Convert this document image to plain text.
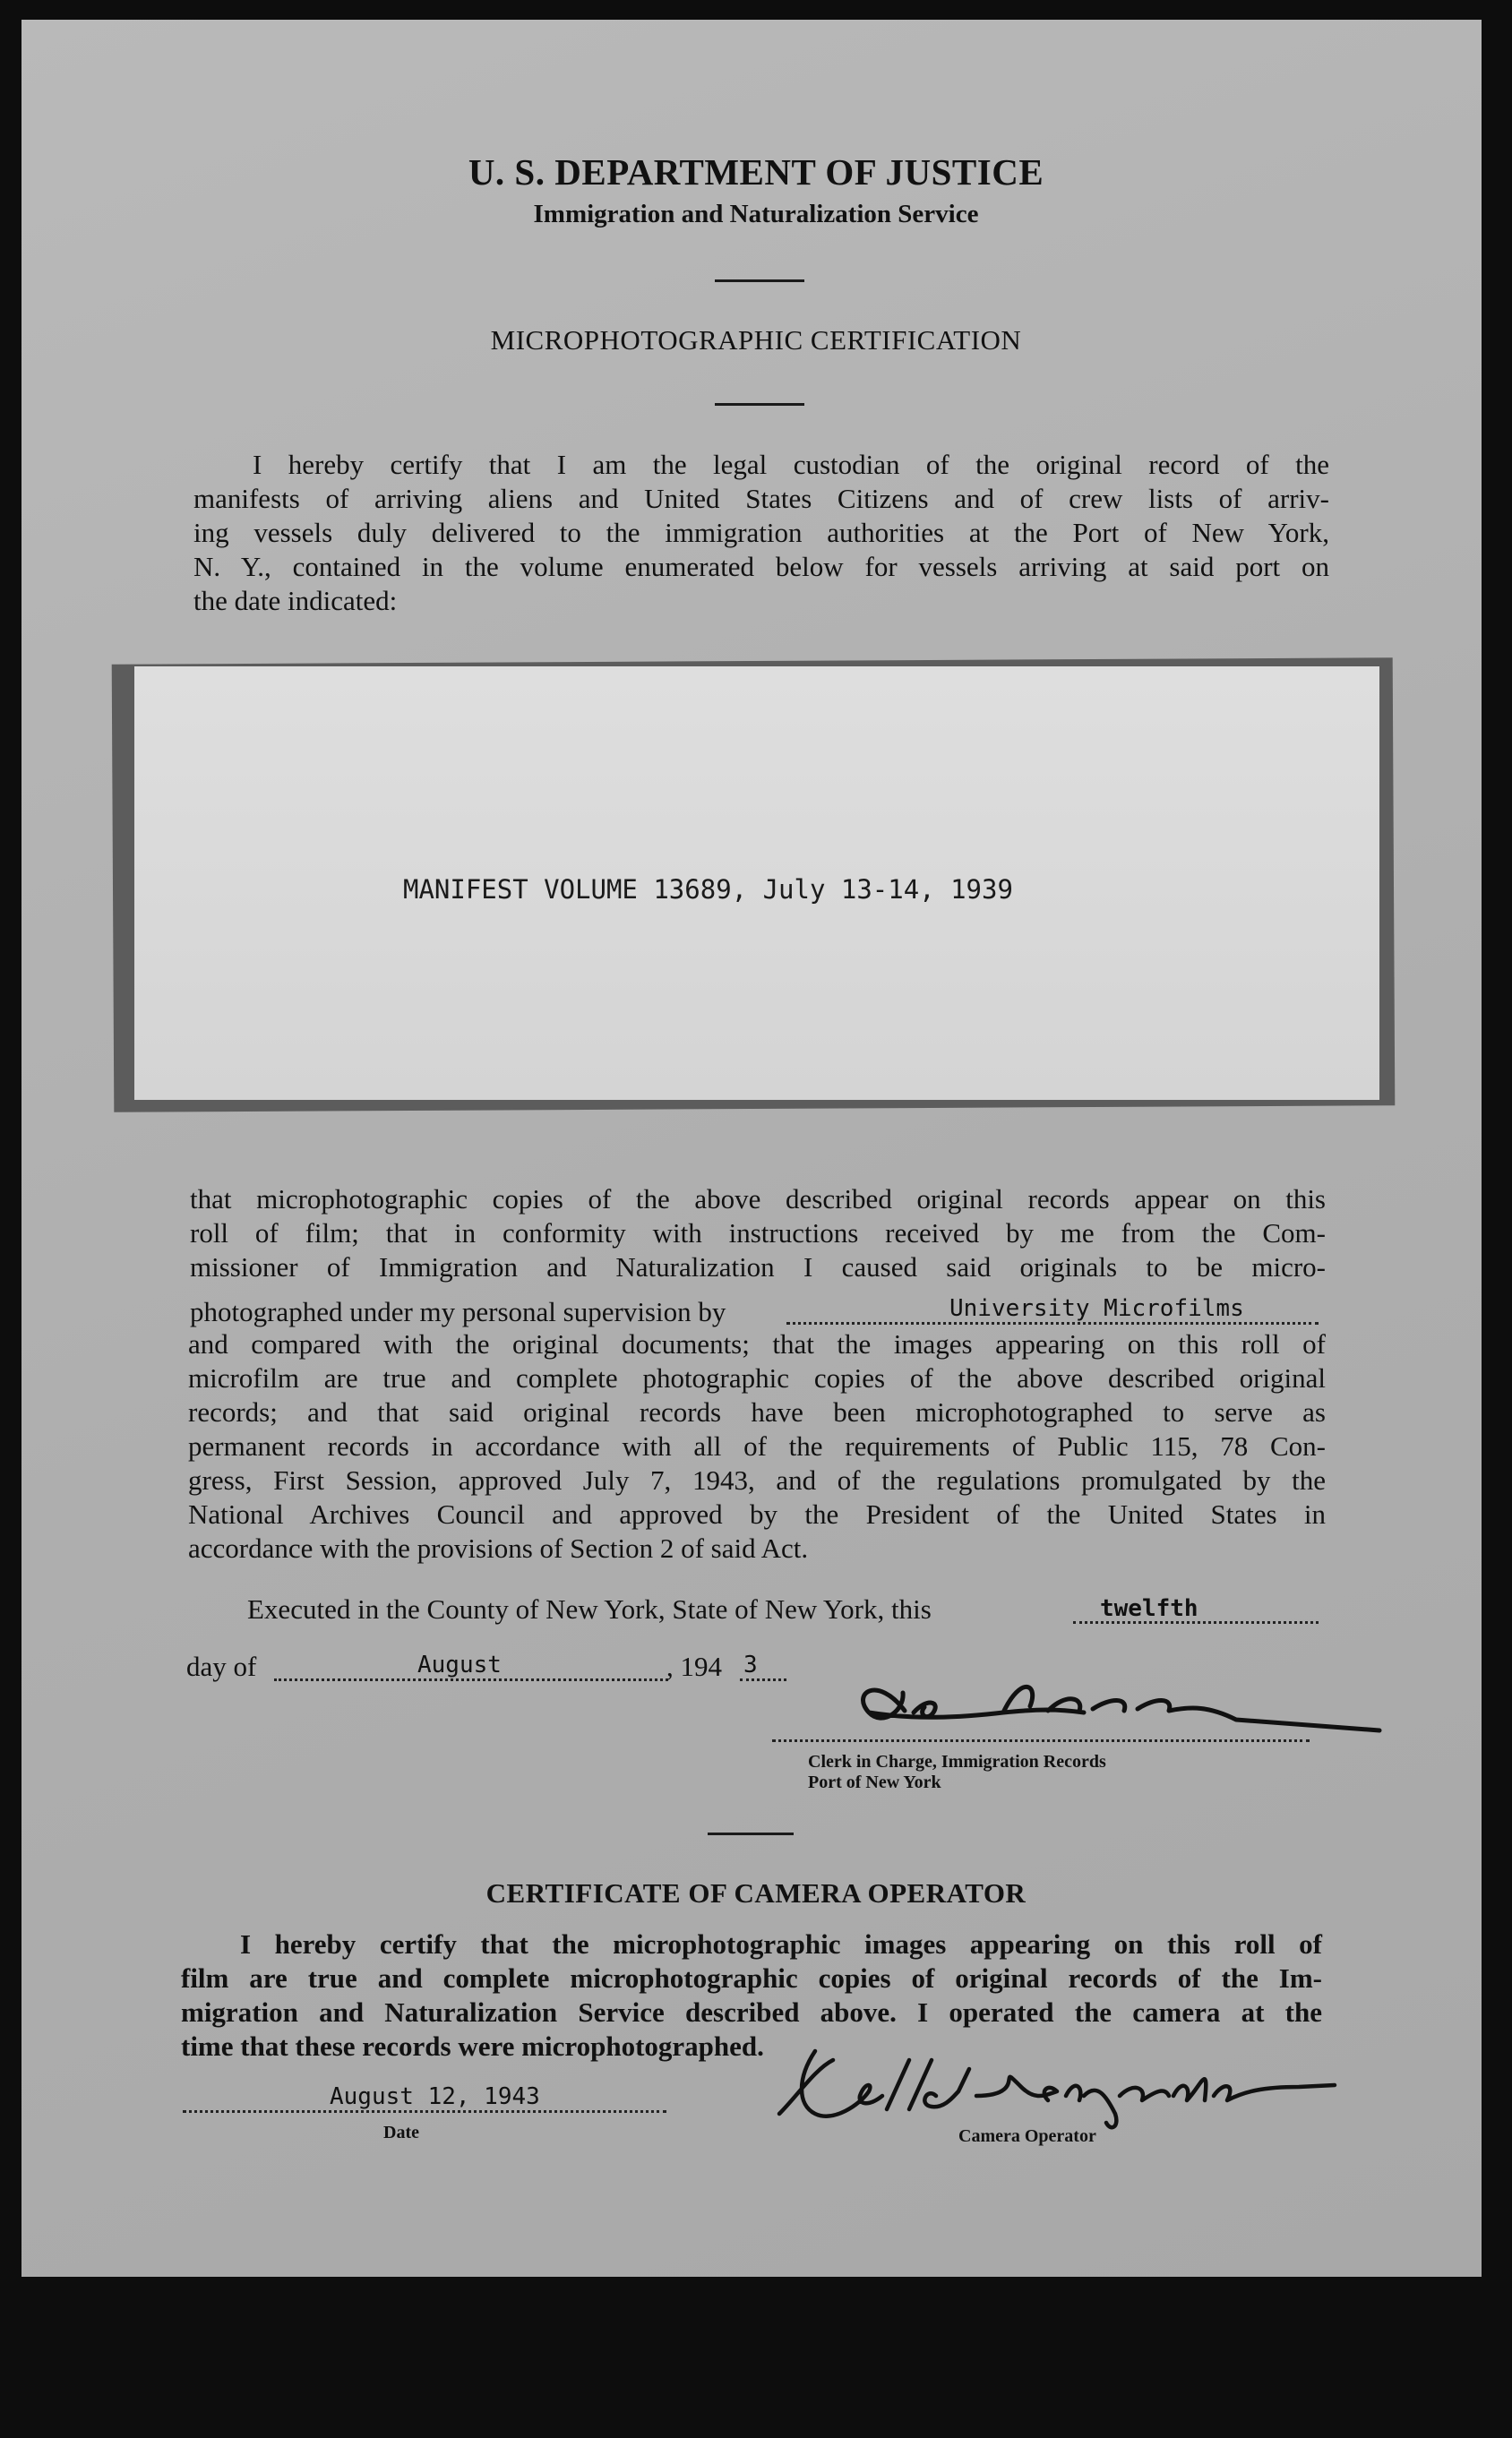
U. S. DEPARTMENT OF JUSTICE
Immigration and Naturalization Service
MICROPHOTOGRAPHIC CERTIFICATION
I hereby certify that I am the legal custodian of the original record of the
manifests of arriving aliens and United States Citizens and of crew lists of arriv-
ing vessels duly delivered to the immigration authorities at the Port of New York,
N. Y., contained in the volume enumerated below for vessels arriving at said port on
the date indicated:
MANIFEST VOLUME 13689, July 13-14, 1939
that microphotographic copies of the above described original records appear on this
roll of film; that in conformity with instructions received by me from the Com-
missioner of Immigration and Naturalization I caused said originals to be micro-
photographed under my personal supervision by	University Microfilms
and compared with the original documents; that the images appearing on this roll of
microfilm are true and complete photographic copies of the above described original
records; and that said original records have been microphotographed to serve as
permanent records in accordance with all of the requirements of Public 115, 78 Con-
gress, First Session, approved July 7, 1943, and of the regulations promulgated by the
National Archives Council and approved by the President of the United States in
accordance with the provisions of Section 2 of said Act.
Executed in the County of New York, State of New York, this	twelfth
day of	August	, 194 3
Clerk in Charge, Immigration Records
Port of New York
CERTIFICATE OF CAMERA OPERATOR
I hereby certify that the microphotographic images appearing on this roll of
film are true and complete microphotographic copies of original records of the Im-
migration and Naturalization Service described above. I operated the camera at the
time that these records were microphotographed.
August 12, 1943
Date	Camera Operator
